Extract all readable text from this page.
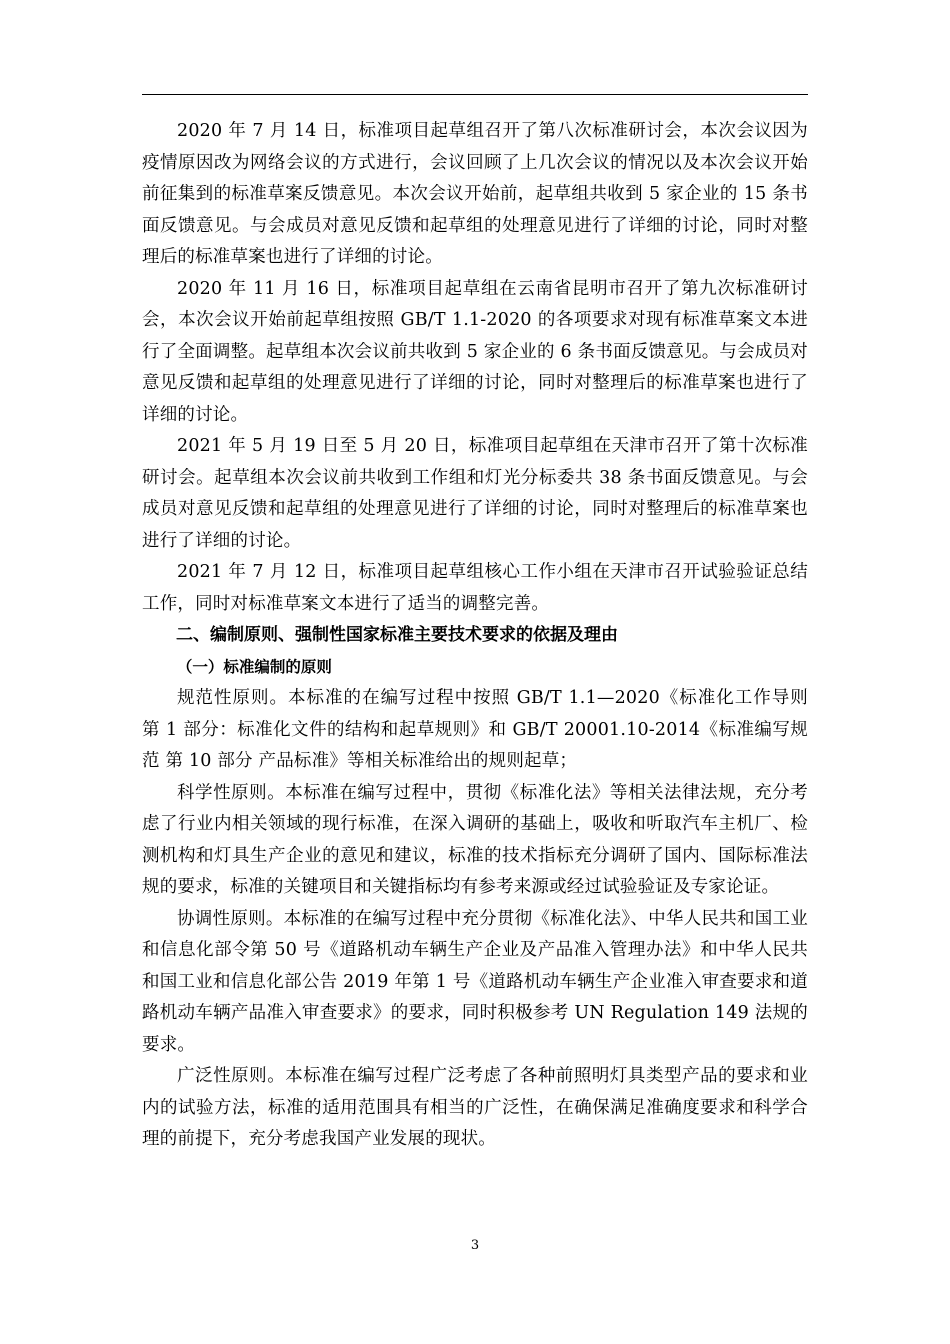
2020 年 7 月 14 日，标准项目起草组召开了第八次标准研讨会，本次会议因为疫情原因改为网络会议的方式进行，会议回顾了上几次会议的情况以及本次会议开始前征集到的标准草案反馈意见。本次会议开始前，起草组共收到 5 家企业的 15 条书面反馈意见。与会成员对意见反馈和起草组的处理意见进行了详细的讨论，同时对整理后的标准草案也进行了详细的讨论。

2020 年 11 月 16 日，标准项目起草组在云南省昆明市召开了第九次标准研讨会，本次会议开始前起草组按照 GB/T 1.1-2020 的各项要求对现有标准草案文本进行了全面调整。起草组本次会议前共收到 5 家企业的 6 条书面反馈意见。与会成员对意见反馈和起草组的处理意见进行了详细的讨论，同时对整理后的标准草案也进行了详细的讨论。

2021 年 5 月 19 日至 5 月 20 日，标准项目起草组在天津市召开了第十次标准研讨会。起草组本次会议前共收到工作组和灯光分标委共 38 条书面反馈意见。与会成员对意见反馈和起草组的处理意见进行了详细的讨论，同时对整理后的标准草案也进行了详细的讨论。

2021 年 7 月 12 日，标准项目起草组核心工作小组在天津市召开试验验证总结工作，同时对标准草案文本进行了适当的调整完善。

二、编制原则、强制性国家标准主要技术要求的依据及理由

（一）标准编制的原则

规范性原则。本标准的在编写过程中按照 GB/T 1.1—2020《标准化工作导则 第 1 部分：标准化文件的结构和起草规则》和 GB/T 20001.10-2014《标准编写规范 第 10 部分 产品标准》等相关标准给出的规则起草；

科学性原则。本标准在编写过程中，贯彻《标准化法》等相关法律法规，充分考虑了行业内相关领域的现行标准，在深入调研的基础上，吸收和听取汽车主机厂、检测机构和灯具生产企业的意见和建议，标准的技术指标充分调研了国内、国际标准法规的要求，标准的关键项目和关键指标均有参考来源或经过试验验证及专家论证。

协调性原则。本标准的在编写过程中充分贯彻《标准化法》、中华人民共和国工业和信息化部令第 50 号《道路机动车辆生产企业及产品准入管理办法》和中华人民共和国工业和信息化部公告 2019 年第 1 号《道路机动车辆生产企业准入审查要求和道路机动车辆产品准入审查要求》的要求，同时积极参考 UN Regulation 149 法规的要求。

广泛性原则。本标准在编写过程广泛考虑了各种前照明灯具类型产品的要求和业内的试验方法，标准的适用范围具有相当的广泛性，在确保满足准确度要求和科学合理的前提下，充分考虑我国产业发展的现状。

3
